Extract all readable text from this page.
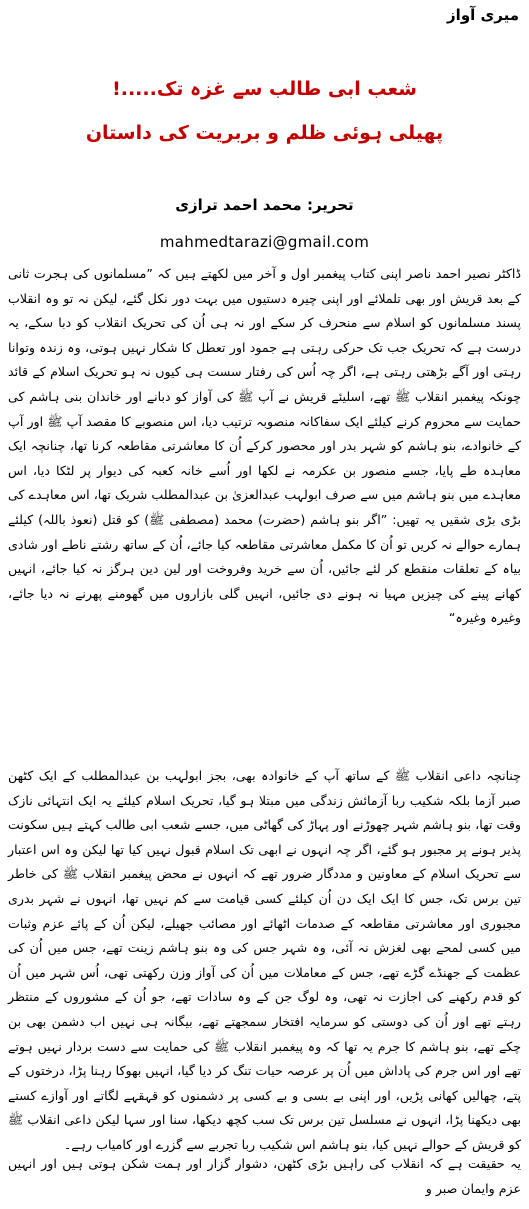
میری آواز
شعب ابی طالب سے غزہ تک.....!
پھیلی ہوئی ظلم و بربریت کی داستان
تحریر: محمد احمد ترازی
mahmedtarazi@gmail.com
ڈاکٹر نصیر احمد ناصر اپنی کتاب پیغمبر اول و آخر میں لکھتے ہیں کہ ”مسلمانوں کی ہجرت ثانی کے بعد قریش اور بھی تلملائے اور اپنی چیرہ دستیوں میں بہت دور نکل گئے، لیکن نہ تو وہ انقلاب پسند مسلمانوں کو اسلام سے منحرف کر سکے اور نہ ہی اُن کی تحریک انقلاب کو دبا سکے، یہ درست ہے کہ تحریک جب تک حرکی رہتی ہے جمود اور تعطل کا شکار نہیں ہوتی، وہ زندہ وتوانا رہتی اور آگے بڑھتی رہتی ہے، اگر چہ اُس کی رفتار سست ہی کیوں نہ ہو تحریک اسلام کے قائد چونکہ پیغمبر انقلاب ﷺ تھے، اسلیئے قریش نے آپ ﷺ کی آواز کو دبانے اور خاندان بنی ہاشم کی حمایت سے محروم کرنے کیلئے ایک سفاکانہ منصوبہ ترتیب دیا، اس منصوبے کا مقصد آپ ﷺ اور آپ کے خانوادے، بنو ہاشم کو شہر بدر اور محصور کرکے اُن کا معاشرتی مقاطعہ کرنا تھا، چنانچہ ایک معاہدہ طے پایا، جسے منصور بن عکرمہ نے لکھا اور اُسے خانہ کعبہ کی دیوار پر لٹکا دیا، اس معاہدے میں بنو ہاشم میں سے صرف ابولہب عبدالعزیٰ بن عبدالمطلب شریک تھا، اس معاہدے کی بڑی بڑی شقیں یہ تھیں: ”اگر بنو ہاشم (حضرت) محمد (مصطفی ﷺ) کو قتل (نعوذ باللہ) کیلئے ہمارے حوالے نہ کریں تو اُن کا مکمل معاشرتی مقاطعہ کیا جائے، اُن کے ساتھ رشتے ناطے اور شادی بیاہ کے تعلقات منقطع کر لئے جائیں، اُن سے خرید وفروخت اور لین دین ہرگز نہ کیا جائے، انہیں کھانے پینے کی چیزیں مہیا نہ ہونے دی جائیں، انہیں گلی بازاروں میں گھومنے پھرنے نہ دیا جائے، وغیرہ وغیرہ“
چنانچہ داعی انقلاب ﷺ کے ساتھ آپ کے خانوادہ بھی، بجز ابولہب بن عبدالمطلب کے ایک کٹھن صبر آزما بلکہ شکیب ربا آزمائش زندگی میں مبتلا ہو گیا، تحریک اسلام کیلئے یہ ایک انتہائی نازک وقت تھا، بنو ہاشم شہر چھوڑنے اور پہاڑ کی گھاٹی میں، جسے شعب ابی طالب کہتے ہیں سکونت پذیر ہونے پر مجبور ہو گئے، اگر چہ انہوں نے ابھی تک اسلام قبول نہیں کیا تھا لیکن وہ اس اعتبار سے تحریک اسلام کے معاونین و مددگار ضرور تھے کہ انہوں نے محض پیغمبر انقلاب ﷺ کی خاطر تین برس تک، جس کا ایک ایک دن اُن کیلئے کسی قیامت سے کم نہیں تھا، انہوں نے شہر بدری مجبوری اور معاشرتی مقاطعہ کے صدمات اٹھائے اور مصائب جھیلے، لیکن اُن کے پائے عزم وثبات میں کسی لمحے بھی لغزش نہ آئی، وہ شہر جس کی وہ بنو ہاشم زینت تھے، جس میں اُن کی عظمت کے جھنڈے گڑے تھے، جس کے معاملات میں اُن کی آواز وزن رکھتی تھی، اُس شہر میں اُن کو قدم رکھنے کی اجازت نہ تھی، وہ لوگ جن کے وہ سادات تھے، جو اُن کے مشوروں کے منتظر رہتے تھے اور اُن کی دوستی کو سرمایہ افتخار سمجھتے تھے، بیگانہ ہی نہیں اب دشمن بھی بن چکے تھے، بنو ہاشم کا جرم یہ تھا کہ وہ پیغمبر انقلاب ﷺ کی حمایت سے دست بردار نہیں ہوتے تھے اور اس جرم کی پاداش میں اُن پر عرصہ حیات تنگ کر دیا گیا، انہیں بھوکا رہنا پڑا، درختوں کے پتے، چھالیں کھانی پڑیں، اور اپنی بے بسی و بے کسی پر دشمنوں کو قہقہے لگاتے اور آوازے کستے بھی دیکھنا پڑا، انہوں نے مسلسل تین برس تک سب کچھ دیکھا، سنا اور سہا لیکن داعی انقلاب ﷺ کو قریش کے حوالے نہیں کیا، بنو ہاشم اس شکیب ربا تجربے سے گزرے اور کامیاب رہے۔
یہ حقیقت ہے کہ انقلاب کی راہیں بڑی کٹھن، دشوار گزار اور ہمت شکن ہوتی ہیں اور انہیں عزم وایمان صبر و
